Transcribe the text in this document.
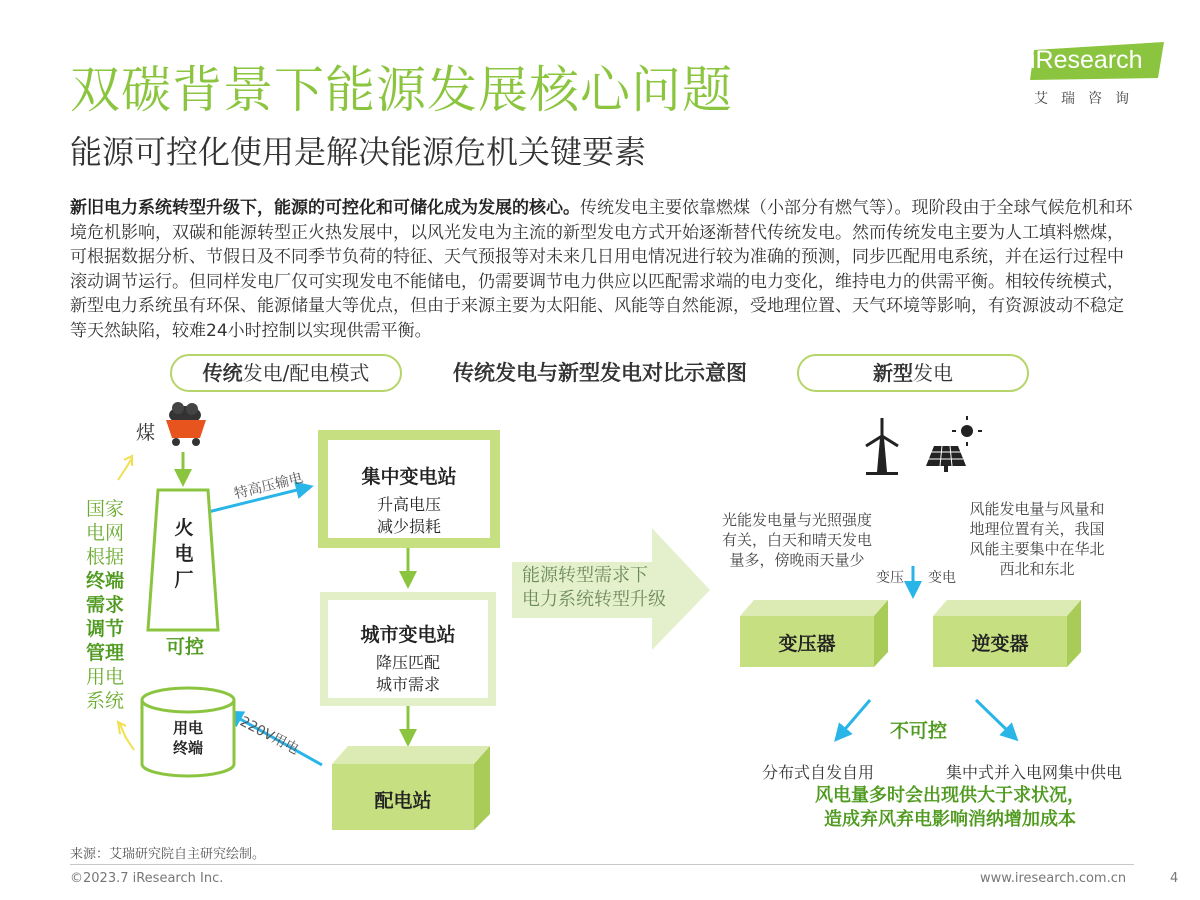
双碳背景下能源发展核心问题
能源可控化使用是解决能源危机关键要素
iResearch
艾瑞咨询
新旧电力系统转型升级下，能源的可控化和可储化成为发展的核心。传统发电主要依靠燃煤（小部分有燃气等）。现阶段由于全球气候危机和环境危机影响，双碳和能源转型正火热发展中，以风光发电为主流的新型发电方式开始逐渐替代传统发电。然而传统发电主要为人工填料燃煤，可根据数据分析、节假日及不同季节负荷的特征、天气预报等对未来几日用电情况进行较为准确的预测，同步匹配用电系统，并在运行过程中滚动调节运行。但同样发电厂仅可实现发电不能储电，仍需要调节电力供应以匹配需求端的电力变化，维持电力的供需平衡。相较传统模式，新型电力系统虽有环保、能源储量大等优点，但由于来源主要为太阳能、风能等自然能源，受地理位置、天气环境等影响，有资源波动不稳定等天然缺陷，较难24小时控制以实现供需平衡。
传统发电/配电模式	传统发电与新型发电对比示意图	新型发电
煤
火电厂
特高压输电
国家
电网
根据
终端
需求
调节
管理
用电
系统
可控
用电
终端	220V用电
集中变电站
升高电压
减少损耗
城市变电站
降压匹配
城市需求
配电站
能源转型需求下
电力系统转型升级
光能发电量与光照强度
有关，白天和晴天发电
量多，傍晚雨天量少
风能发电量与风量和
地理位置有关，我国
风能主要集中在华北
西北和东北
变压 变电
变压器	逆变器
不可控
分布式自发自用	集中式并入电网集中供电
风电量多时会出现供大于求状况，
造成弃风弃电影响消纳增加成本
来源：艾瑞研究院自主研究绘制。
©2023.7 iResearch Inc.	www.iresearch.com.cn	4
